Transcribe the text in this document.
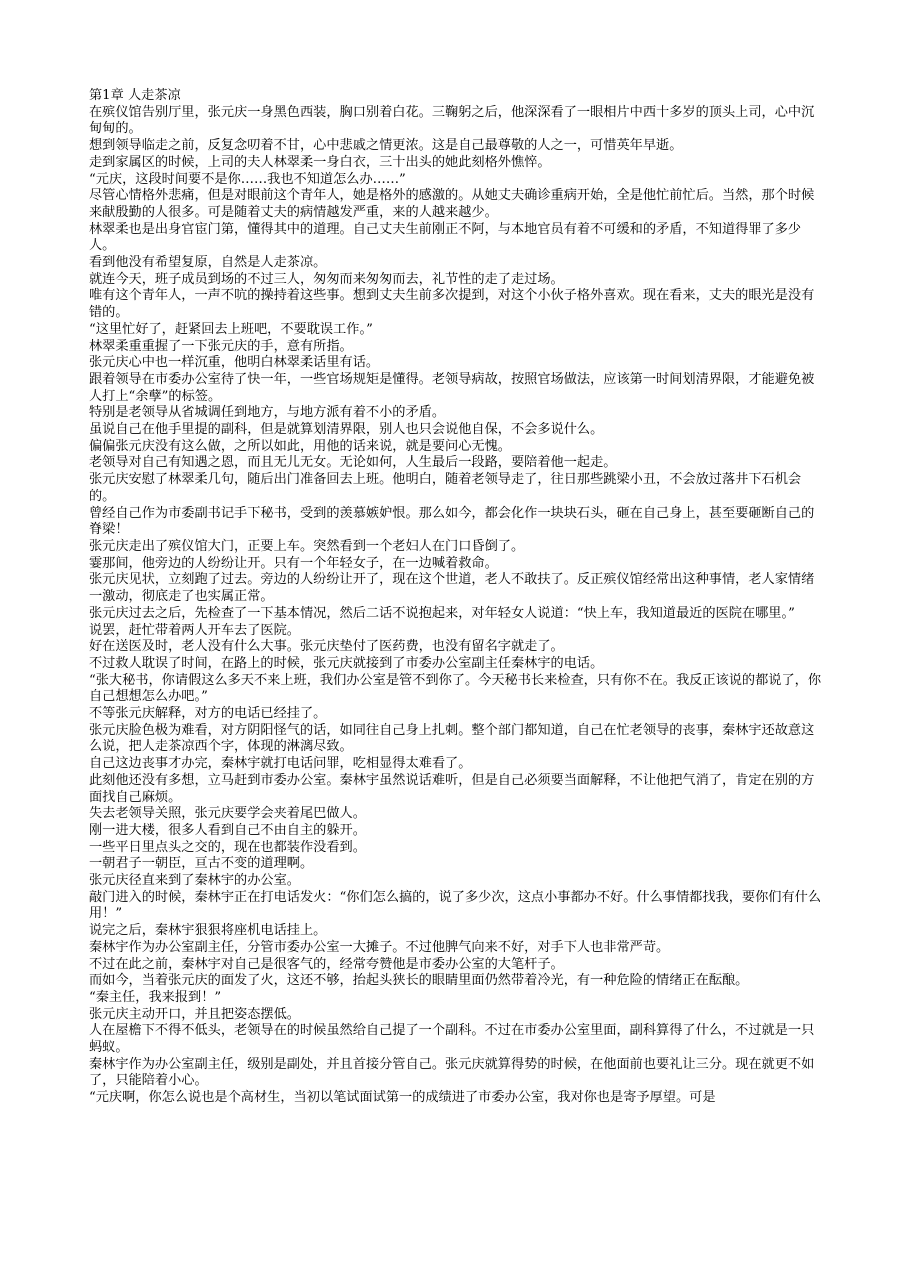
第1章 人走茶凉

在殡仪馆告别厅里，张元庆一身黑色西装，胸口别着白花。三鞠躬之后，他深深看了一眼相片中西十多岁的顶头上司，心中沉甸甸的。

想到领导临走之前，反复念叨着不甘，心中悲戚之情更浓。这是自己最尊敬的人之一，可惜英年早逝。

走到家属区的时候，上司的夫人林翠柔一身白衣，三十出头的她此刻格外憔悴。

“元庆，这段时间要不是你……我也不知道怎么办……”

尽管心情格外悲痛，但是对眼前这个青年人，她是格外的感激的。从她丈夫确诊重病开始，全是他忙前忙后。当然，那个时候来献殷勤的人很多。可是随着丈夫的病情越发严重，来的人越来越少。

林翠柔也是出身官宦门第，懂得其中的道理。自己丈夫生前刚正不阿，与本地官员有着不可缓和的矛盾，不知道得罪了多少人。

看到他没有希望复原，自然是人走茶凉。

就连今天，班子成员到场的不过三人，匆匆而来匆匆而去，礼节性的走了走过场。

唯有这个青年人，一声不吭的操持着这些事。想到丈夫生前多次提到，对这个小伙子格外喜欢。现在看来，丈夫的眼光是没有错的。

“这里忙好了，赶紧回去上班吧，不要耽误工作。”

林翠柔重重握了一下张元庆的手，意有所指。

张元庆心中也一样沉重，他明白林翠柔话里有话。

跟着领导在市委办公室待了快一年，一些官场规矩是懂得。老领导病故，按照官场做法，应该第一时间划清界限，才能避免被人打上“余孽”的标签。

特别是老领导从省城调任到地方，与地方派有着不小的矛盾。

虽说自己在他手里提的副科，但是就算划清界限，别人也只会说他自保，不会多说什么。

偏偏张元庆没有这么做，之所以如此，用他的话来说，就是要问心无愧。

老领导对自己有知遇之恩，而且无儿无女。无论如何，人生最后一段路，要陪着他一起走。

张元庆安慰了林翠柔几句，随后出门准备回去上班。他明白，随着老领导走了，往日那些跳梁小丑，不会放过落井下石机会的。

曾经自己作为市委副书记手下秘书，受到的羡慕嫉妒恨。那么如今，都会化作一块块石头，砸在自己身上，甚至要砸断自己的脊梁！

张元庆走出了殡仪馆大门，正要上车。突然看到一个老妇人在门口昏倒了。

霎那间，他旁边的人纷纷让开。只有一个年轻女子，在一边喊着救命。

张元庆见状，立刻跑了过去。旁边的人纷纷让开了，现在这个世道，老人不敢扶了。反正殡仪馆经常出这种事情，老人家情绪一激动，彻底走了也实属正常。

张元庆过去之后，先检查了一下基本情况，然后二话不说抱起来，对年轻女人说道：“快上车，我知道最近的医院在哪里。”

说罢，赶忙带着两人开车去了医院。

好在送医及时，老人没有什么大事。张元庆垫付了医药费，也没有留名字就走了。

不过救人耽误了时间，在路上的时候，张元庆就接到了市委办公室副主任秦林宇的电话。

“张大秘书，你请假这么多天不来上班，我们办公室是管不到你了。今天秘书长来检查，只有你不在。我反正该说的都说了，你自己想想怎么办吧。”

不等张元庆解释，对方的电话已经挂了。

张元庆脸色极为难看，对方阴阳怪气的话，如同往自己身上扎刺。整个部门都知道，自己在忙老领导的丧事，秦林宇还故意这么说，把人走茶凉西个字，体现的淋漓尽致。

自己这边丧事才办完，秦林宇就打电话问罪，吃相显得太难看了。

此刻他还没有多想，立马赶到市委办公室。秦林宇虽然说话难听，但是自己必须要当面解释，不让他把气消了，肯定在别的方面找自己麻烦。

失去老领导关照，张元庆要学会夹着尾巴做人。

刚一进大楼，很多人看到自己不由自主的躲开。

一些平日里点头之交的，现在也都装作没看到。

一朝君子一朝臣，亘古不变的道理啊。

张元庆径直来到了秦林宇的办公室。

敲门进入的时候，秦林宇正在打电话发火：“你们怎么搞的，说了多少次，这点小事都办不好。什么事情都找我，要你们有什么用！”

说完之后，秦林宇狠狠将座机电话挂上。

秦林宇作为办公室副主任，分管市委办公室一大摊子。不过他脾气向来不好，对手下人也非常严苛。

不过在此之前，秦林宇对自己是很客气的，经常夸赞他是市委办公室的大笔杆子。

而如今，当着张元庆的面发了火，这还不够，抬起头狭长的眼睛里面仍然带着冷光，有一种危险的情绪正在酝酿。

“秦主任，我来报到！”

张元庆主动开口，并且把姿态摆低。

人在屋檐下不得不低头，老领导在的时候虽然给自己提了一个副科。不过在市委办公室里面，副科算得了什么，不过就是一只蚂蚁。

秦林宇作为办公室副主任，级别是副处，并且首接分管自己。张元庆就算得势的时候，在他面前也要礼让三分。现在就更不如了，只能陪着小心。

“元庆啊，你怎么说也是个高材生，当初以笔试面试第一的成绩进了市委办公室，我对你也是寄予厚望。可是
